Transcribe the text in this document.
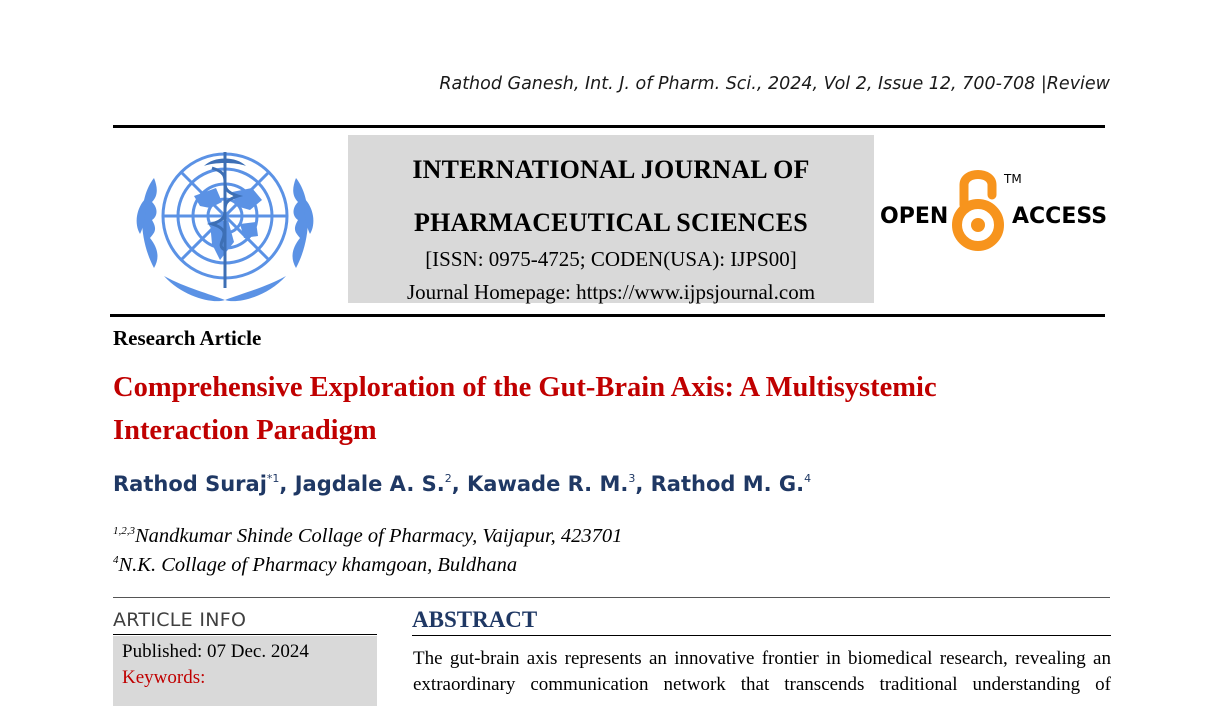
Rathod Ganesh, Int. J. of Pharm. Sci., 2024, Vol 2, Issue 12, 700-708 |Review
INTERNATIONAL JOURNAL OF
PHARMACEUTICAL SCIENCES
[ISSN: 0975-4725; CODEN(USA): IJPS00]
Journal Homepage: https://www.ijpsjournal.com
OPEN	ACCESS
TM
Research Article
Comprehensive Exploration of the Gut-Brain Axis: A Multisystemic
Interaction Paradigm
Rathod Suraj$^{*1}$, Jagdale A. S.$^2$, Kawade R. M.$^3$, Rathod M. G.$^4$
$^{1,2,3}$Nandkumar Shinde Collage of Pharmacy, Vaijapur, 423701
$^4$N.K. Collage of Pharmacy khamgoan, Buldhana
ARTICLE INFO
Published: 07 Dec. 2024
Keywords:
ABSTRACT
The gut-brain axis represents an innovative frontier in biomedical research, revealing an
extraordinary communication network that transcends traditional understanding of
